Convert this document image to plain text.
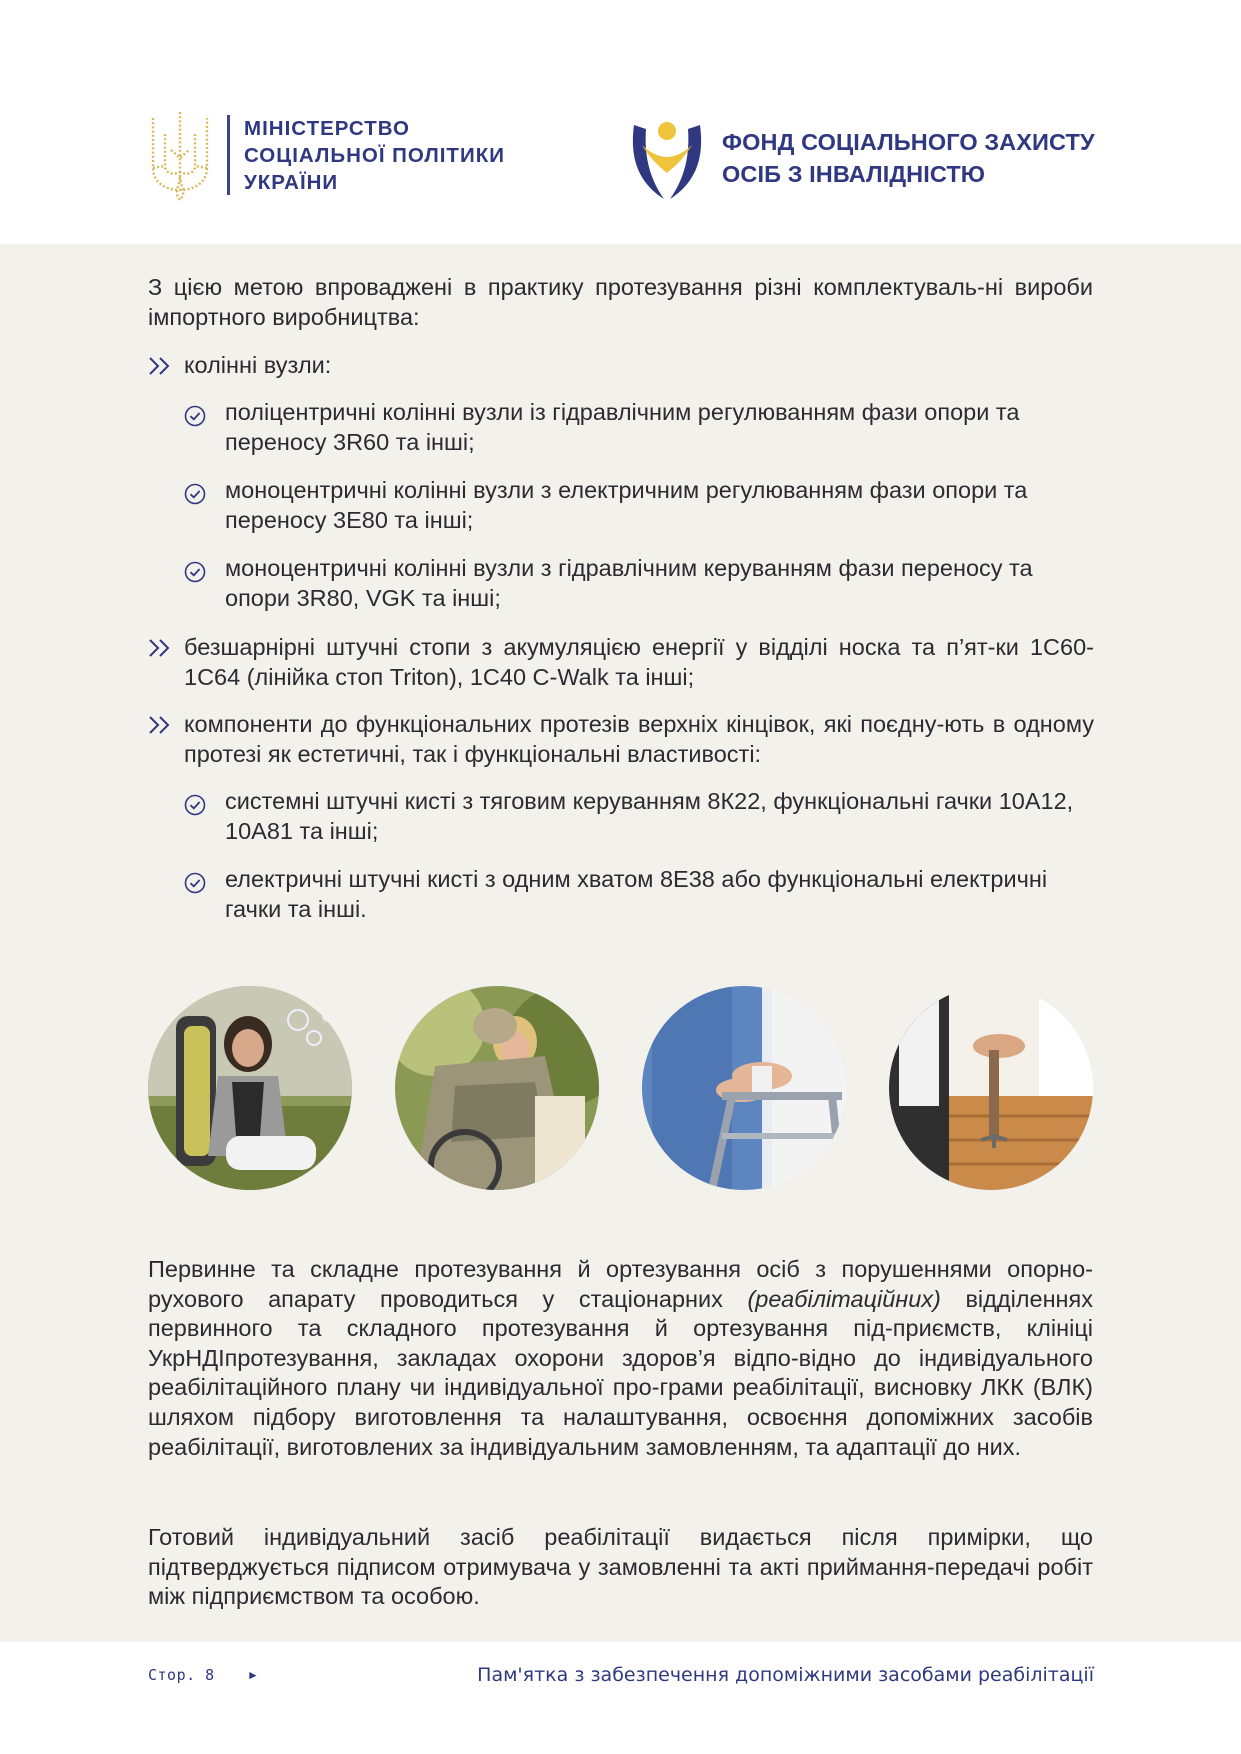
МІНІСТЕРСТВО
СОЦІАЛЬНОЇ ПОЛІТИКИ
УКРАЇНИ
ФОНД СОЦІАЛЬНОГО ЗАХИСТУ
ОСІБ З ІНВАЛІДНІСТЮ
З цією метою впроваджені в практику протезування різні комплектуваль-ні вироби імпортного виробництва:
колінні вузли:
поліцентричні колінні вузли із гідравлічним регулюванням фази опори та переносу 3R60 та інші;
моноцентричні колінні вузли з електричним регулюванням фази опори та переносу 3E80 та інші;
моноцентричні колінні вузли з гідравлічним керуванням фази переносу та опори 3R80, VGK та інші;
безшарнірні штучні стопи з акумуляцією енергії у відділі носка та п’ят-ки 1С60-1С64 (лінійка стоп Triton), 1С40 C-Walk та інші;
компоненти до функціональних протезів верхніх кінцівок, які поєдну-ють в одному протезі як естетичні, так і функціональні властивості:
системні штучні кисті з тяговим керуванням 8К22, функціональні гачки 10А12, 10А81 та інші;
електричні штучні кисті з одним хватом 8Е38 або функціональні електричні гачки та інші.
Первинне та складне протезування й ортезування осіб з порушеннями опорно-рухового апарату проводиться у стаціонарних (реабілітаційних) відділеннях первинного та складного протезування й ортезування під-приємств, клініці УкрНДІпротезування, закладах охорони здоров’я відпо-відно до індивідуального реабілітаційного плану чи індивідуальної про-грами реабілітації, висновку ЛКК (ВЛК) шляхом підбору виготовлення та налаштування, освоєння допоміжних засобів реабілітації, виготовлених за індивідуальним замовленням, та адаптації до них.
Готовий індивідуальний засіб реабілітації видається після примірки, що підтверджується підписом отримувача у замовленні та акті приймання-передачі робіт між підприємством та особою.
Стор. 8	►	Пам'ятка з забезпечення допоміжними засобами реабілітації
